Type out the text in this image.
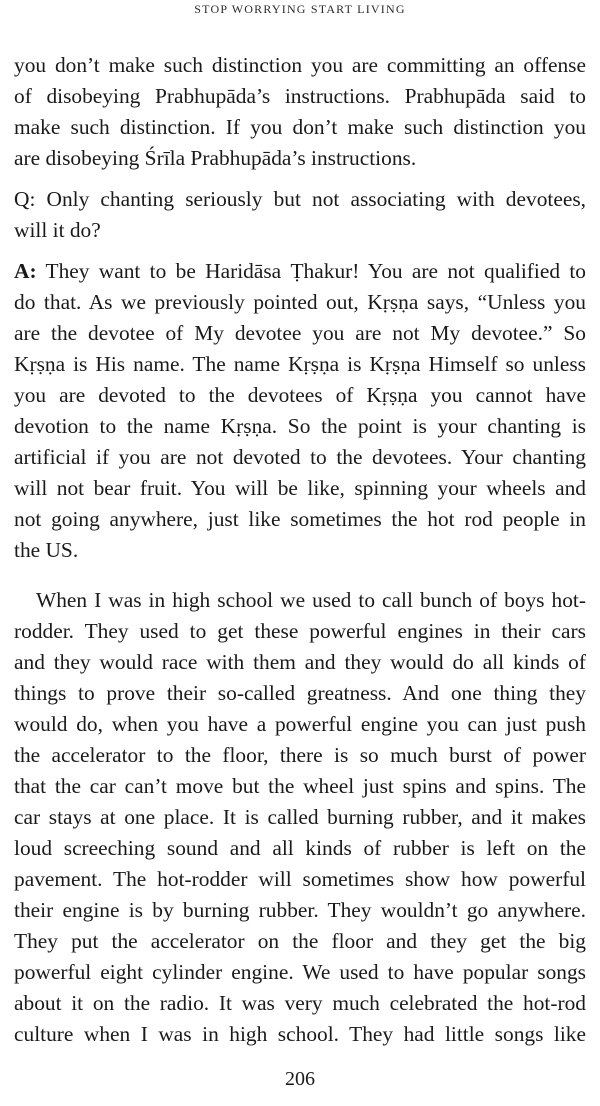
STOP WORRYING START LIVING

you don’t make such distinction you are committing an offense
of disobeying Prabhupāda’s instructions. Prabhupāda said to
make such distinction. If you don’t make such distinction you
are disobeying Śrīla Prabhupāda’s instructions.

Q: Only chanting seriously but not associating with devotees,
will it do?

A: They want to be Haridāsa Ṭhakur! You are not qualified to
do that. As we previously pointed out, Kṛṣṇa says, “Unless you
are the devotee of My devotee you are not My devotee.” So
Kṛṣṇa is His name. The name Kṛṣṇa is Kṛṣṇa Himself so unless
you are devoted to the devotees of Kṛṣṇa you cannot have
devotion to the name Kṛṣṇa. So the point is your chanting is
artificial if you are not devoted to the devotees. Your chanting
will not bear fruit. You will be like, spinning your wheels and
not going anywhere, just like sometimes the hot rod people in
the US.

When I was in high school we used to call bunch of boys hot-
rodder. They used to get these powerful engines in their cars
and they would race with them and they would do all kinds of
things to prove their so-called greatness. And one thing they
would do, when you have a powerful engine you can just push
the accelerator to the floor, there is so much burst of power
that the car can’t move but the wheel just spins and spins. The
car stays at one place. It is called burning rubber, and it makes
loud screeching sound and all kinds of rubber is left on the
pavement. The hot-rodder will sometimes show how powerful
their engine is by burning rubber. They wouldn’t go anywhere.
They put the accelerator on the floor and they get the big
powerful eight cylinder engine. We used to have popular songs
about it on the radio. It was very much celebrated the hot-rod
culture when I was in high school. They had little songs like

206
